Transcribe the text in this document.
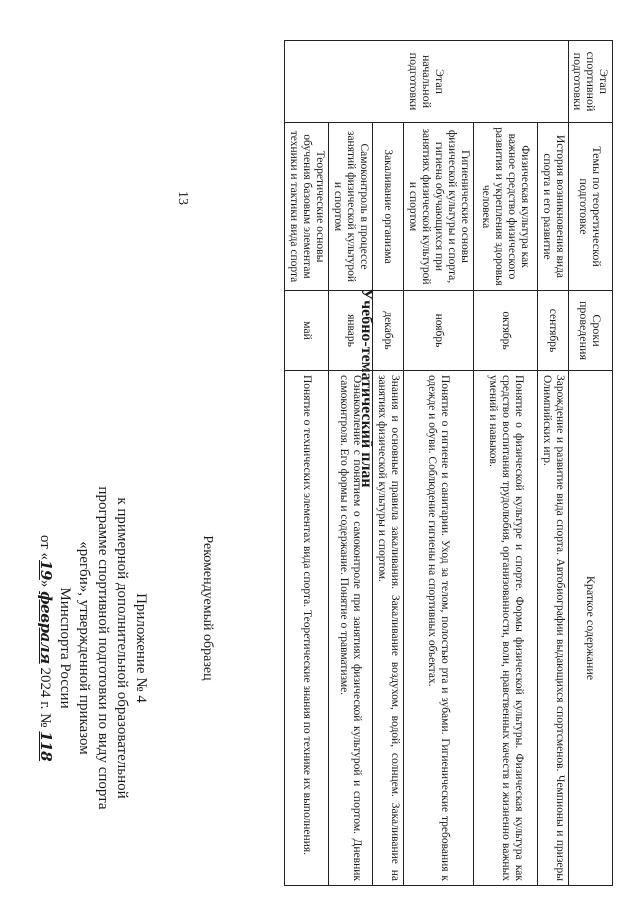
13
Приложение № 4
к примерной дополнительной образовательной
программе спортивной подготовки по виду спорта
«регби», утвержденной приказом
Минспорта России
от «19» февраля 2024 г. № 118
Рекомендуемый образец
Учебно-тематический план
Этап спортивной подготовки	Темы по теоретической подготовке	Сроки проведения	Краткое содержание
Этап начальной подготовки	История возникновения вида спорта и его развитие	сентябрь	Зарождение и развитие вида спорта. Автобиографии выдающихся спортсменов. Чемпионы и призеры Олимпийских игр.
	Физическая культура как важное средство физического развития и укрепления здоровья человека	октябрь	Понятие о физической культуре и спорте. Формы физической культуры. Физическая культура как средство воспитания трудолюбия, организованности, воли, нравственных качеств и жизненно важных умений и навыков.
	Гигиенические основы физической культуры и спорта, гигиена обучающихся при занятиях физической культурой и спортом	ноябрь	Понятие о гигиене и санитарии. Уход за телом, полостью рта и зубами. Гигиенические требования к одежде и обуви. Соблюдение гигиены на спортивных объектах.
	Закаливание организма	декабрь	Знания и основные правила закаливания. Закаливание воздухом, водой, солнцем. Закаливание на занятиях физической культуры и спортом.
	Самоконтроль в процессе занятий физической культурой и спортом	январь	Ознакомление с понятием о самоконтроле при занятиях физической культурой и спортом. Дневник самоконтроля. Его формы и содержание. Понятие о травматизме.
	Теоретические основы обучения базовым элементам техники и тактики вида спорта	май	Понятие о технических элементах вида спорта. Теоретические знания по технике их выполнения.
